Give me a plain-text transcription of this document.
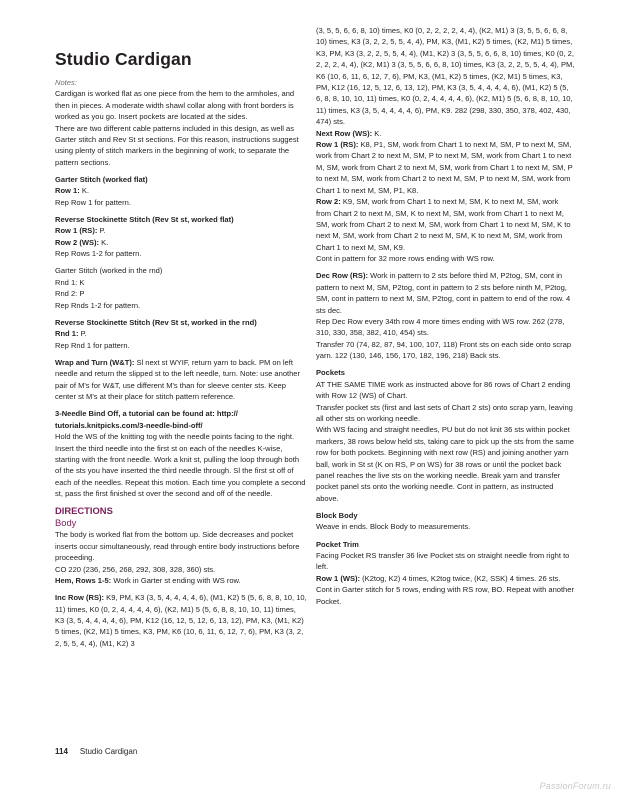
Studio Cardigan

Notes:

Cardigan is worked flat as one piece from the hem to the armholes, and then in pieces. A moderate width shawl collar along with front borders is worked as you go. Insert pockets are located at the sides.

There are two different cable patterns included in this design, as well as Garter stitch and Rev St st sections. For this reason, instructions suggest using plenty of stitch markers in the beginning of work, to separate the pattern sections.

Garter Stitch (worked flat)

Row 1: K.

Rep Row 1 for pattern.

Reverse Stockinette Stitch (Rev St st, worked flat)

Row 1 (RS): P.

Row 2 (WS): K.

Rep Rows 1-2 for pattern.

Garter Stitch (worked in the rnd)

Rnd 1: K

Rnd 2: P

Rep Rnds 1-2 for pattern.

Reverse Stockinette Stitch (Rev St st, worked in the rnd)

Rnd 1: P.

Rep Rnd 1 for pattern.

Wrap and Turn (W&T): Sl next st WYIF, return yarn to back. PM on left needle and return the slipped st to the left needle, turn. Note: use another pair of M's for W&T, use different M's than for sleeve center sts. Keep center st M's at their place for stitch pattern reference.

3-Needle Bind Off, a tutorial can be found at: http:// tutorials.knitpicks.com/3-needle-bind-off/

Hold the WS of the knitting tog with the needle points facing to the right. Insert the third needle into the first st on each of the needles K-wise, starting with the front needle. Work a knit st, pulling the loop through both of the sts you have inserted the third needle through. Sl the first st off of each of the needles. Repeat this motion. Each time you complete a second st, pass the first finished st over the second and off of the needle.

DIRECTIONS

Body

The body is worked flat from the bottom up. Side decreases and pocket inserts occur simultaneously, read through entire body instructions before proceeding.

CO 220 (236, 256, 268, 292, 308, 328, 360) sts.

Hem, Rows 1-5: Work in Garter st ending with WS row.

Inc Row (RS): K9, PM, K3 (3, 5, 4, 4, 4, 4, 6), (M1, K2) 5 (5, 6, 8, 8, 10, 10, 11) times, K0 (0, 2, 4, 4, 4, 4, 6), (K2, M1) 5 (5, 6, 8, 8, 10, 10, 11) times, K3 (3, 5, 4, 4, 4, 4, 6), PM, K12 (16, 12, 5, 12, 6, 13, 12), PM, K3, (M1, K2) 5 times, (K2, M1) 5 times, K3, PM, K6 (10, 6, 11, 6, 12, 7, 6), PM, K3 (3, 2, 2, 5, 5, 4, 4), (M1, K2) 3

(3, 5, 5, 6, 6, 8, 10) times, K0 (0, 2, 2, 2, 2, 4, 4), (K2, M1) 3 (3, 5, 5, 6, 6, 8, 10) times, K3 (3, 2, 2, 5, 5, 4, 4), PM, K3, (M1, K2) 5 times, (K2, M1) 5 times, K3, PM, K3 (3, 2, 2, 5, 5, 4, 4), (M1, K2) 3 (3, 5, 5, 6, 6, 8, 10) times, K0 (0, 2, 2, 2, 2, 4, 4), (K2, M1) 3 (3, 5, 5, 6, 6, 8, 10) times, K3 (3, 2, 2, 5, 5, 4, 4), PM, K6 (10, 6, 11, 6, 12, 7, 6), PM, K3, (M1, K2) 5 times, (K2, M1) 5 times, K3, PM, K12 (16, 12, 5, 12, 6, 13, 12), PM, K3 (3, 5, 4, 4, 4, 4, 6), (M1, K2) 5 (5, 6, 8, 8, 10, 10, 11) times, K0 (0, 2, 4, 4, 4, 4, 6), (K2, M1) 5 (5, 6, 8, 8, 10, 10, 11) times, K3 (3, 5, 4, 4, 4, 4, 6), PM, K9. 282 (298, 330, 350, 378, 402, 430, 474) sts.

Next Row (WS): K.

Row 1 (RS): K8, P1, SM, work from Chart 1 to next M, SM, P to next M, SM, work from Chart 2 to next M, SM, P to next M, SM, work from Chart 1 to next M, SM, work from Chart 2 to next M, SM, work from Chart 1 to next M, SM, P to next M, SM, work from Chart 2 to next M, SM, P to next M, SM, work from Chart 1 to next M, SM, P1, K8.

Row 2: K9, SM, work from Chart 1 to next M, SM, K to next M, SM, work from Chart 2 to next M, SM, K to next M, SM, work from Chart 1 to next M, SM, work from Chart 2 to next M, SM, work from Chart 1 to next M, SM, K to next M, SM, work from Chart 2 to next M, SM, K to next M, SM, work from Chart 1 to next M, SM, K9.

Cont in pattern for 32 more rows ending with WS row.

Dec Row (RS): Work in pattern to 2 sts before third M, P2tog, SM, cont in pattern to next M, SM, P2tog, cont in pattern to 2 sts before ninth M, P2tog, SM, cont in pattern to next M, SM, P2tog, cont in pattern to end of the row. 4 sts dec.

Rep Dec Row every 34th row 4 more times ending with WS row. 262 (278, 310, 330, 358, 382, 410, 454) sts.

Transfer 70 (74, 82, 87, 94, 100, 107, 118) Front sts on each side onto scrap yarn. 122 (130, 146, 156, 170, 182, 196, 218) Back sts.

Pockets

AT THE SAME TIME work as instructed above for 86 rows of Chart 2 ending with Row 12 (WS) of Chart.

Transfer pocket sts (first and last sets of Chart 2 sts) onto scrap yarn, leaving all other sts on working needle.

With WS facing and straight needles, PU but do not knit 36 sts within pocket markers, 38 rows below held sts, taking care to pick up the sts from the same row for both pockets. Beginning with next row (RS) and joining another yarn ball, work in St st (K on RS, P on WS) for 38 rows or until the pocket back panel reaches the live sts on the working needle. Break yarn and transfer pocket panel sts onto the working needle. Cont in pattern, as instructed above.

Block Body

Weave in ends. Block Body to measurements.

Pocket Trim

Facing Pocket RS transfer 36 live Pocket sts on straight needle from right to left.

Row 1 (WS): (K2tog, K2) 4 times, K2tog twice, (K2, SSK) 4 times. 26 sts.

Cont in Garter stitch for 5 rows, ending with RS row, BO. Repeat with another Pocket.

114 Studio Cardigan
PassionForum.ru
